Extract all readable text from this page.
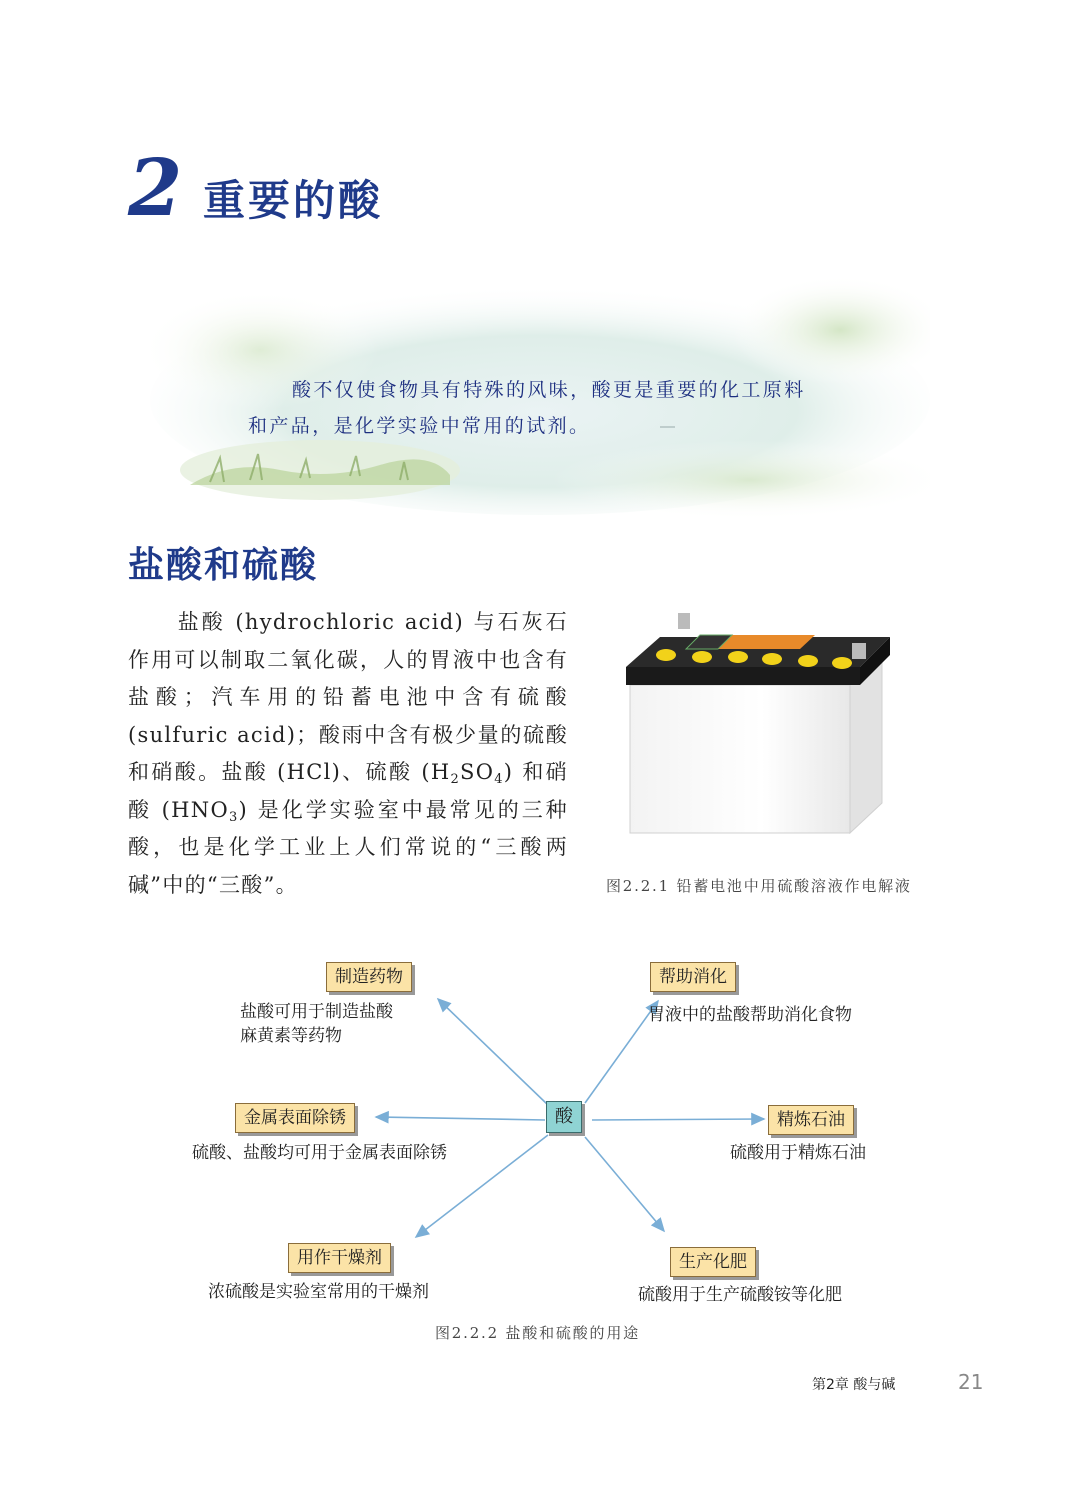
2 重要的酸

酸不仅使食物具有特殊的风味，酸更是重要的化工原料

和产品，是化学实验中常用的试剂。

盐酸和硫酸
盐酸 (hydrochloric acid) 与石灰石作用可以制取二氧化碳，人的胃液中也含有盐酸；汽车用的铅蓄电池中含有硫酸 (sulfuric acid)；酸雨中含有极少量的硫酸和硝酸。盐酸 (HCl)、硫酸 $(H_2SO_4)$ 和硝酸 $(HNO_3)$ 是化学实验室中最常见的三种酸，也是化学工业上人们常说的“三酸两碱”中的“三酸”。	图2.2.1 铅蓄电池中用硫酸溶液作电解液
酸
制造药物
盐酸可用于制造盐酸
麻黄素等药物
帮助消化
胃液中的盐酸帮助消化食物
金属表面除锈
硫酸、盐酸均可用于金属表面除锈
精炼石油
硫酸用于精炼石油
用作干燥剂
浓硫酸是实验室常用的干燥剂
生产化肥
硫酸用于生产硫酸铵等化肥
图2.2.2 盐酸和硫酸的用途
第2章 酸与碱	21
